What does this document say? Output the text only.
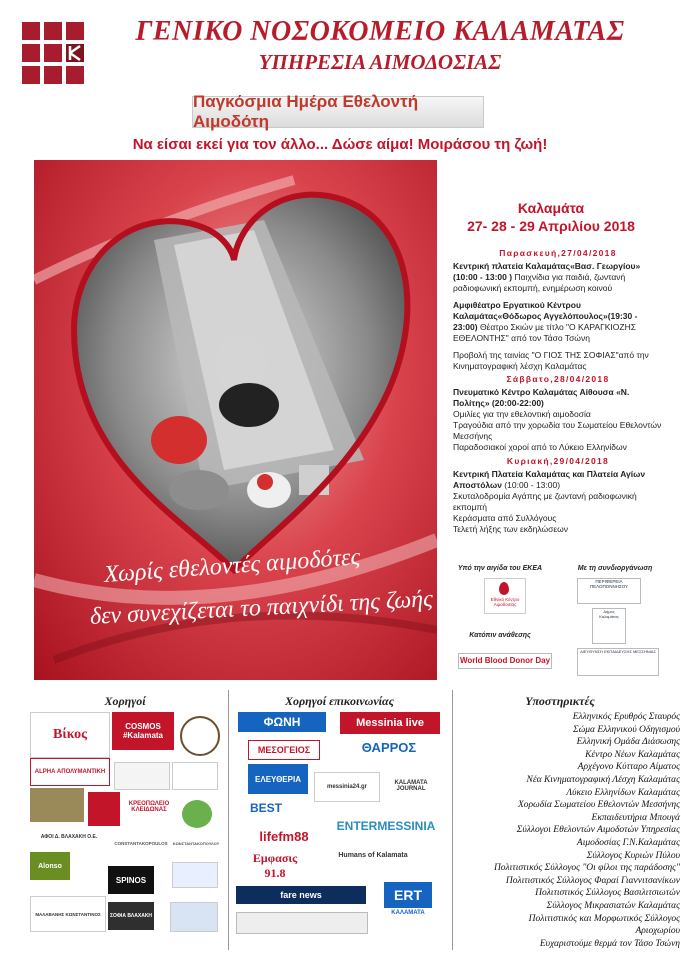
ΓΕΝΙΚΟ ΝΟΣΟΚΟΜΕΙΟ ΚΑΛΑΜΑΤΑΣ
ΥΠΗΡΕΣΙΑ ΑΙΜΟΔΟΣΙΑΣ
Παγκόσμια Ημέρα Εθελοντή Αιμοδότη
Να είσαι εκεί για τον άλλο... Δώσε αίμα! Μοιράσου τη ζωή!
Χωρίς εθελοντές αιμοδότες
δεν συνεχίζεται το παιχνίδι της ζωής
Καλαμάτα
27- 28 - 29 Απριλίου 2018
Παρασκευή,27/04/2018

Κεντρική πλατεία Καλαμάτας«Βασ. Γεωργίου» (10:00 - 13:00 ) Παιχνίδια για παιδιά, ζωντανή ραδιοφωνική εκπομπή, ενημέρωση κοινού

Αμφιθέατρο Εργατικού Κέντρου Καλαμάτας«Θόδωρος Αγγελόπουλος»(19:30 - 23:00) Θέατρο Σκιών με τίτλο "Ο ΚΑΡΑΓΚΙΟΖΗΣ ΕΘΕΛΟΝΤΗΣ" από τον Τάσο Τσώνη

Προβολή της ταινίας "Ο ΓΙΟΣ ΤΗΣ ΣΟΦΙΑΣ"από την Κινηματογραφική λέσχη Καλαμάτας

Σάββατο,28/04/2018

Πνευματικό Κέντρο Καλαμάτας Αίθουσα «Ν. Πολίτης» (20:00-22:00)

Ομιλίες για την εθελοντική αιμοδοσία

Τραγούδια από την χορωδία του Σωματείου Εθελοντών Μεσσήνης

Παραδοσιακοί χοροί από το Λύκειο Ελληνίδων

Κυριακή,29/04/2018

Κεντρική Πλατεία Καλαμάτας και Πλατεία Αγίων Αποστόλων (10:00 - 13:00)

Σκυταλοδρομία Αγάπης με ζωντανή ραδιοφωνική εκπομπή

Κεράσματα από Συλλόγους

Τελετή λήξης των εκδηλώσεων

Υπό την αιγίδα του ΕΚΕΑ	Με τη συνδιοργάνωση
Εθνικό Κέντρο Αιμοδοσίας
ΠΕΡΙΦΕΡΕΙΑ ΠΕΛΟΠΟΝΝΗΣΟΥ
Δήμος Καλαμάτας
Κατόπιν ανάθεσης
World Blood Donor Day
ΔΙΕΥΘΥΝΣΗ ΕΚΠΑΙΔΕΥΣΗΣ ΜΕΣΣΗΝΙΑΣ
Χορηγοί	Χορηγοί επικοινωνίας	Υποστηρικτές
Βίκος
COSMOS #Kalamata
ALPHA ΑΠΟΛΥΜΑΝΤΙΚΗ
ΚΡΕΟΠΩΛΕΙΟ ΚΛΕΙΔΩΝΑΣ
ΑΦΟΙ Δ. ΒΛΑΧΑΚΗ Ο.Ε.
CONSTANTAKOPOULOS	ΚΩΝΣΤΑΝΤΑΚΟΠΟΥΛΟΥ
Alonso
SPINOS
ΜΑΛΑΒΑΝΗΣ ΚΩΝΣΤΑΝΤΙΝΟΣ	ΣΟΦΙΑ ΒΛΑΧΑΚΗ
ΦΩΝΗ	Messinia live
ΜΕΣΟΓΕΙΟΣ	ΘΑΡΡΟΣ
ΕΛΕΥΘΕΡΙΑ
messinia24.gr
KALAMATA JOURNAL
BEST
ENTERMESSINIA
lifefm88
Humans of Kalamata
Εμφασις 91.8
ERT
ΚΑΛΑΜΑΤΑ
fare news
Ελληνικός Ερυθρός Σταυρός
Σώμα Ελληνικού Οδηγισμού
Ελληνική Ομάδα Διάσωσης
Κέντρο Νέων Καλαμάτας
Αρχέγονο Κύτταρο Αίματος
Νέα Κινηματογραφική Λέσχη Καλαμάτας
Λύκειο Ελληνίδων Καλαμάτας
Χορωδία Σωματείου Εθελοντών Μεσσήνης
Εκπαιδευτήρια Μπουγά
Σύλλογοι Εθελοντών Αιμοδοτών Υπηρεσίας
Αιμοδοσίας Γ.Ν.Καλαμάτας
Σύλλογος Κυριών Πύλου
Πολιτιστικός Σύλλογος "Οι φίλοι της παράδοσης"
Πολιτιστικός Σύλλογος Φαραί Γιαννιτσανίκων
Πολιτιστικός Σύλλογος Βασιλιτσιωτών
Σύλλογος Μικρασιατών Καλαμάτας
Πολιτιστικός και Μορφωτικός Σύλλογος
Αριοχωρίου
Ευχαριστούμε θερμά τον Τάσο Τσώνη
